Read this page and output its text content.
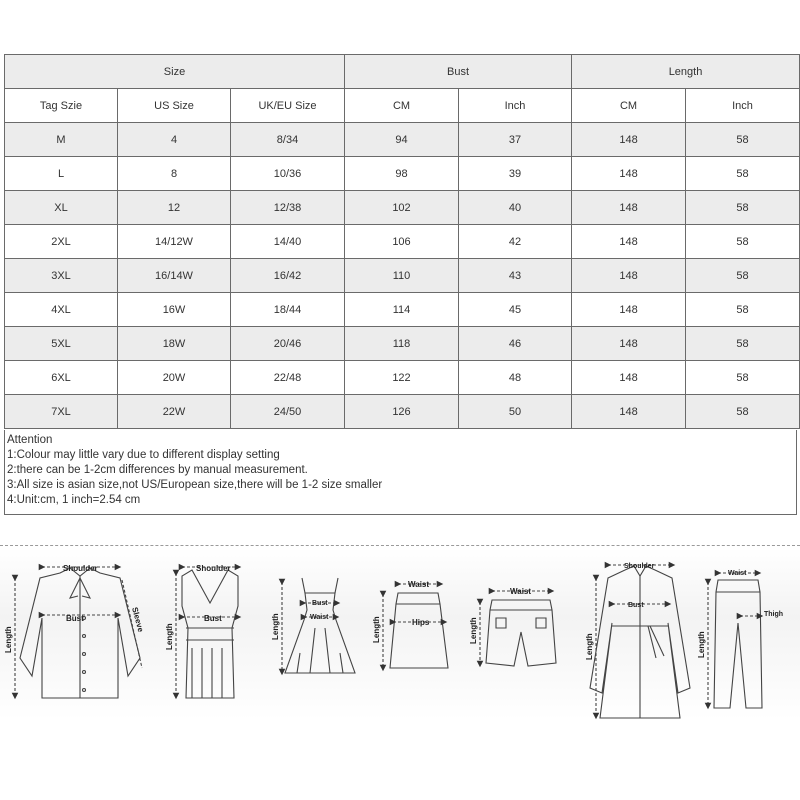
Size			Bust		Length	
Tag Szie	US Size	UK/EU Size	CM	Inch	CM	Inch
M	4	8/34	94	37	148	58
L	8	10/36	98	39	148	58
XL	12	12/38	102	40	148	58
2XL	14/12W	14/40	106	42	148	58
3XL	16/14W	16/42	110	43	148	58
4XL	16W	18/44	114	45	148	58
5XL	18W	20/46	118	46	148	58
6XL	20W	22/48	122	48	148	58
7XL	22W	24/50	126	50	148	58
Attention
1:Colour may little vary due to different display setting
2:there can be 1-2cm differences by manual measurement.
3:All size is asian size,not US/European size,there will be 1-2 size smaller
4:Unit:cm, 1 inch=2.54 cm
Shoulder
Bust
Length
Sleeve
Shoulder
Bust
Length
Bust
Waist
Length
Waist
Hips
Length
Waist
Length
Shoulder
Bust
Length
Waist
Thigh
Length
